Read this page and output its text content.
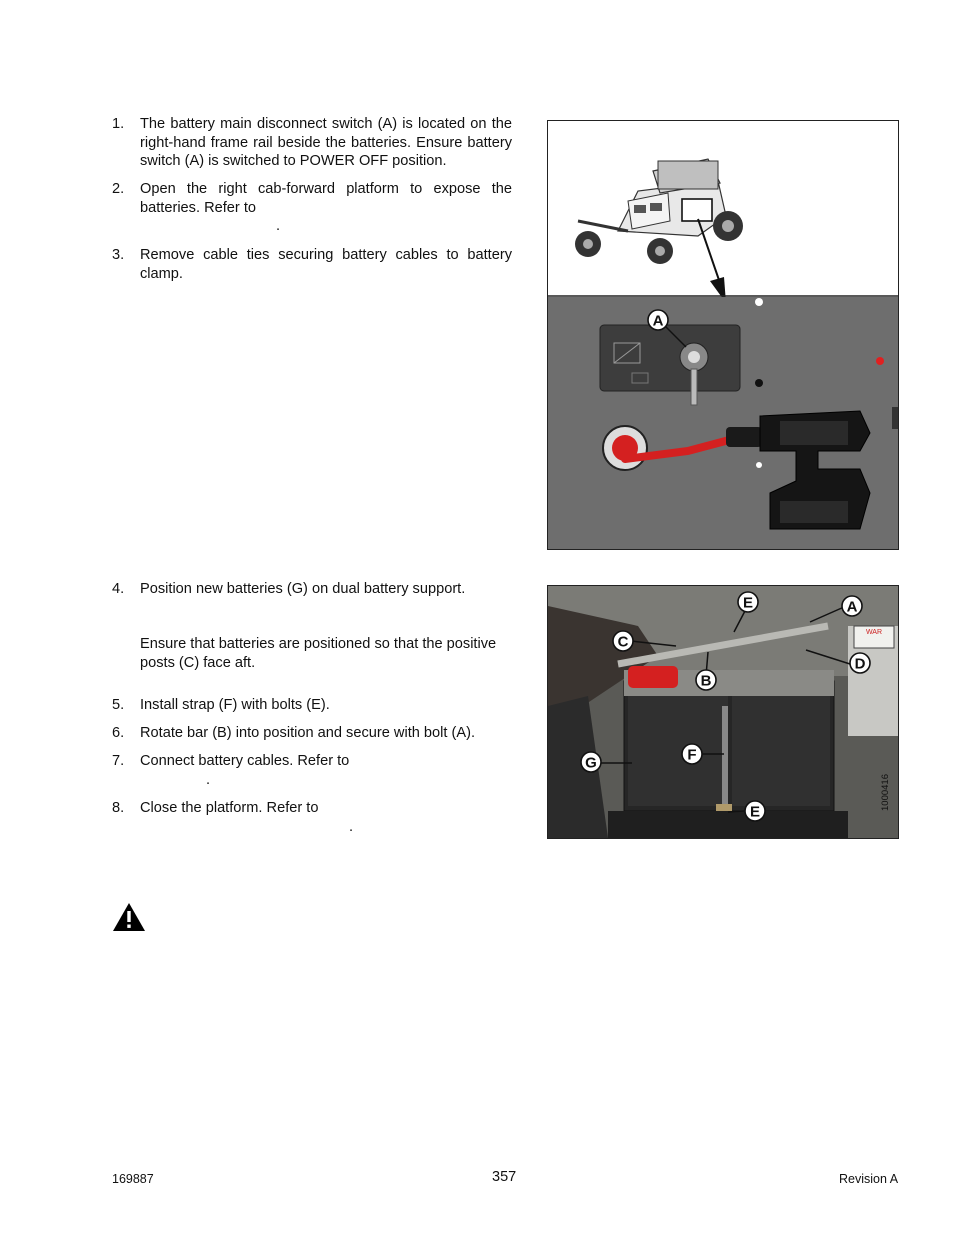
1.	The battery main disconnect switch (A) is located on the right-hand frame rail beside the batteries. Ensure battery switch (A) is switched to POWER OFF position.
2.	Open the right cab-forward platform to expose the batteries. Refer to
.
3.	Remove cable ties securing battery cables to battery clamp.
4.	Position new batteries (G) on dual battery support.
Ensure that batteries are positioned so that the positive posts (C) face aft.
5.	Install strap (F) with bolts (E).
6.	Rotate bar (B) into position and secure with bolt (A).
7.	Connect battery cables. Refer to
.
8.	Close the platform. Refer to
.
A
WAR
E	A
C
D
B
F
G
E
1000416
169887	357	Revision A
